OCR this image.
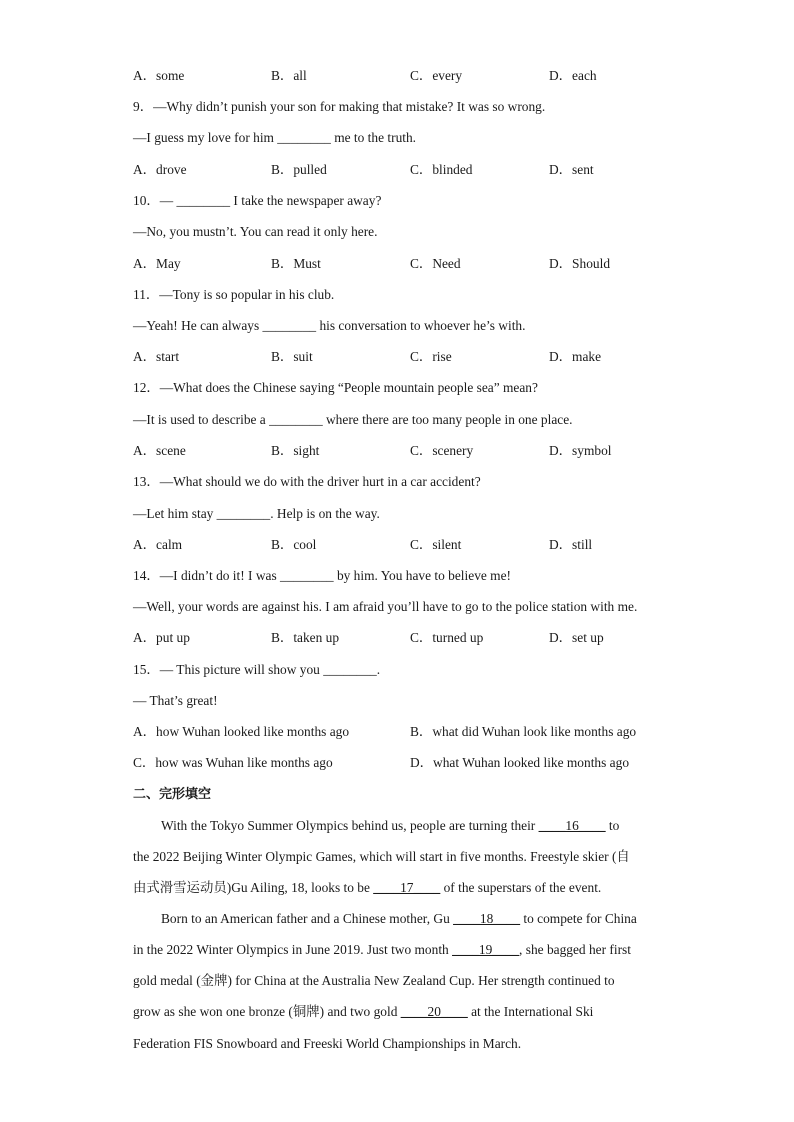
A．some	B．all	C．every	D．each
9．—Why didn’t punish your son for making that mistake? It was so wrong.
—I guess my love for him ________ me to the truth.
A．drove	B．pulled	C．blinded	D．sent
10．— ________ I take the newspaper away?
—No, you mustn’t. You can read it only here.
A．May	B．Must	C．Need	D．Should
11．—Tony is so popular in his club.
—Yeah! He can always ________ his conversation to whoever he’s with.
A．start	B．suit	C．rise	D．make
12．—What does the Chinese saying “People mountain people sea” mean?
—It is used to describe a ________ where there are too many people in one place.
A．scene	B．sight	C．scenery	D．symbol
13．—What should we do with the driver hurt in a car accident?
—Let him stay ________. Help is on the way.
A．calm	B．cool	C．silent	D．still
14．—I didn’t do it! I was ________ by him. You have to believe me!
—Well, your words are against his. I am afraid you’ll have to go to the police station with me.
A．put up	B．taken up	C．turned up	D．set up
15．— This picture will show you ________.
— That’s great!
A．how Wuhan looked like months ago	B．what did Wuhan look like months ago
C．how was Wuhan like months ago	D．what Wuhan looked like months ago
二、完形填空
With the Tokyo Summer Olympics behind us, people are turning their ____16____ to
the 2022 Beijing Winter Olympic Games, which will start in five months. Freestyle skier (自
由式滑雪运动员)Gu Ailing, 18, looks to be ____17____ of the superstars of the event.
Born to an American father and a Chinese mother, Gu ____18____ to compete for China
in the 2022 Winter Olympics in June 2019. Just two month ____19____, she bagged her first
gold medal (金牌) for China at the Australia New Zealand Cup. Her strength continued to
grow as she won one bronze (铜牌) and two gold ____20____ at the International Ski
Federation FIS Snowboard and Freeski World Championships in March.
